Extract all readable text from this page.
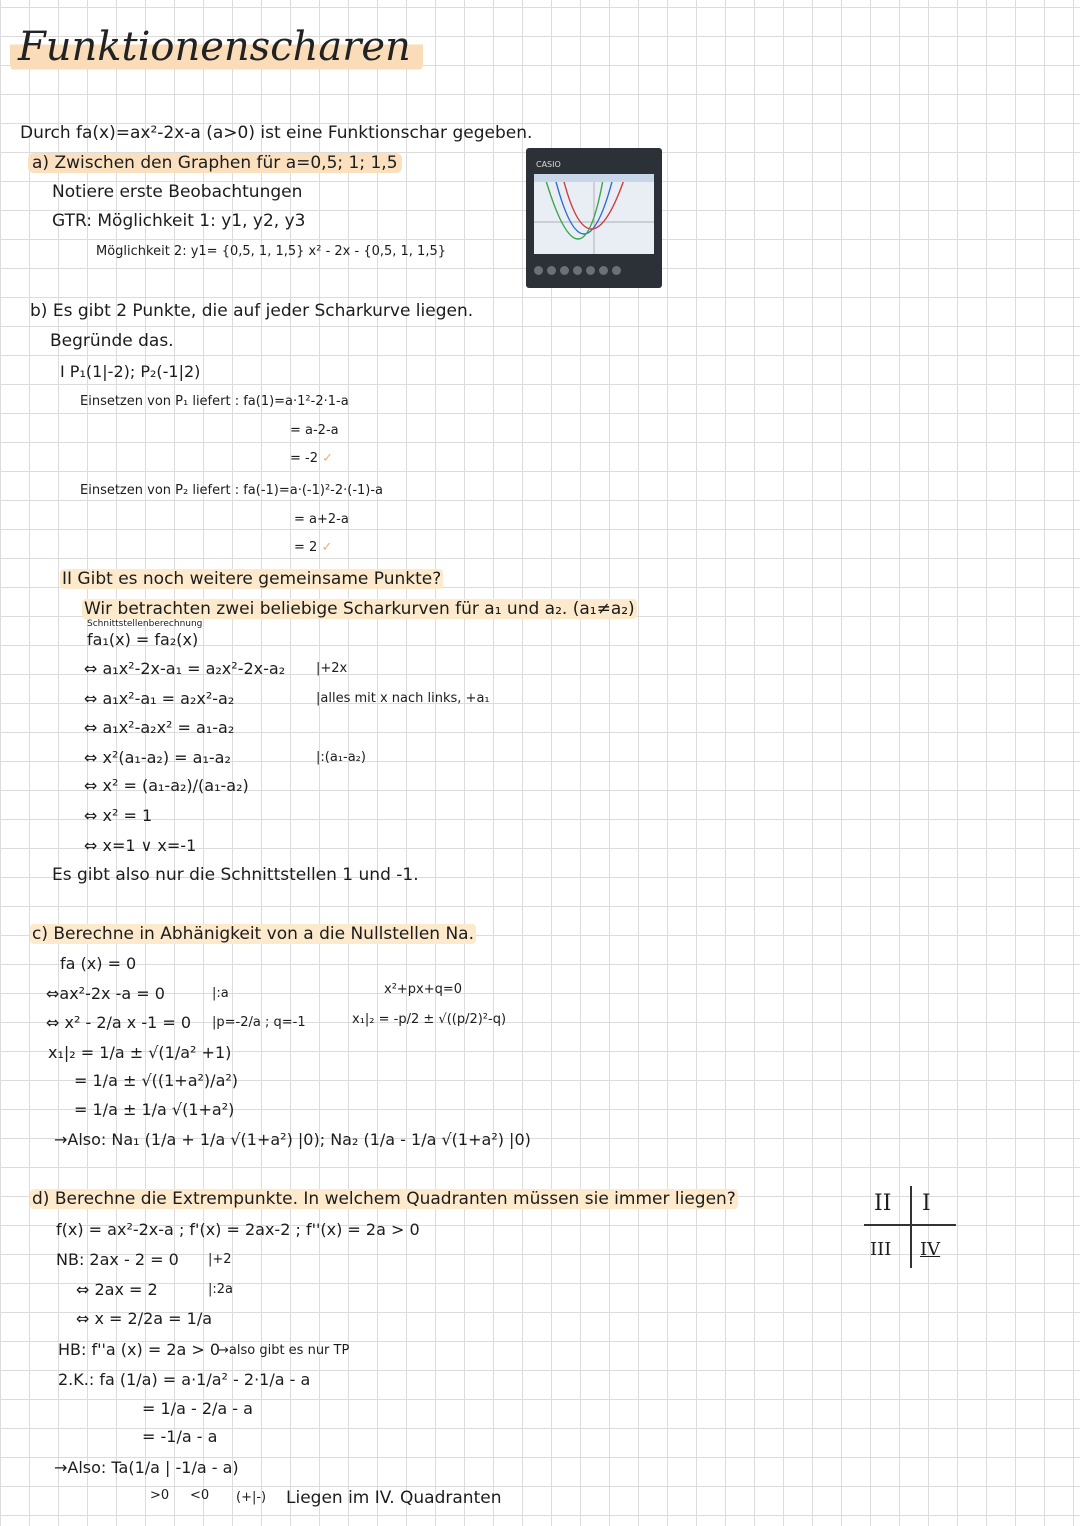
Funktionenscharen
Durch fa(x)=ax²-2x-a (a>0) ist eine Funktionschar gegeben.
a) Zwischen den Graphen für a=0,5; 1; 1,5
Notiere erste Beobachtungen
GTR: Möglichkeit 1: y1, y2, y3
Möglichkeit 2: y1= {0,5, 1, 1,5} x² - 2x - {0,5, 1, 1,5}
CASIO
b) Es gibt 2 Punkte, die auf jeder Scharkurve liegen.
Begründe das.
I P₁(1|-2); P₂(-1|2)
Einsetzen von P₁ liefert : fa(1)=a·1²-2·1-a
= a-2-a
= -2 ✓
Einsetzen von P₂ liefert : fa(-1)=a·(-1)²-2·(-1)-a
= a+2-a
= 2 ✓
II Gibt es noch weitere gemeinsame Punkte?
Wir betrachten zwei beliebige Scharkurven für a₁ und a₂. (a₁≠a₂)
Schnittstellenberechnung
fa₁(x) = fa₂(x)
⇔ a₁x²-2x-a₁ = a₂x²-2x-a₂ |+2x
⇔ a₁x²-a₁ = a₂x²-a₂	|alles mit x nach links, +a₁
⇔ a₁x²-a₂x² = a₁-a₂
⇔ x²(a₁-a₂) = a₁-a₂	|:(a₁-a₂)
⇔ x² = (a₁-a₂)/(a₁-a₂)
⇔ x² = 1
⇔ x=1 ∨ x=-1
Es gibt also nur die Schnittstellen 1 und -1.
c) Berechne in Abhänigkeit von a die Nullstellen Na.
fa (x) = 0
⇔ax²-2x -a = 0	|:a	x²+px+q=0
⇔ x² - 2/a x -1 = 0 |p=-2/a ; q=-1	x₁|₂ = -p/2 ± √((p/2)²-q)
x₁|₂ = 1/a ± √(1/a² +1)
= 1/a ± √((1+a²)/a²)
= 1/a ± 1/a √(1+a²)
→Also: Na₁ (1/a + 1/a √(1+a²) |0); Na₂ (1/a - 1/a √(1+a²) |0)
d) Berechne die Extrempunkte. In welchem Quadranten müssen sie immer liegen?
f(x) = ax²-2x-a ; f'(x) = 2ax-2 ; f''(x) = 2a > 0
NB: 2ax - 2 = 0 |+2
⇔ 2ax = 2	|:2a
⇔ x = 2/2a = 1/a
HB: f''a (x) = 2a > 0
→also gibt es nur TP
2.K.: fa (1/a) = a·1/a² - 2·1/a - a
= 1/a - 2/a - a
= -1/a - a
→Also: Ta(1/a | -1/a - a)
>0 <0 (+|-) Liegen im IV. Quadranten
II I
III IV
